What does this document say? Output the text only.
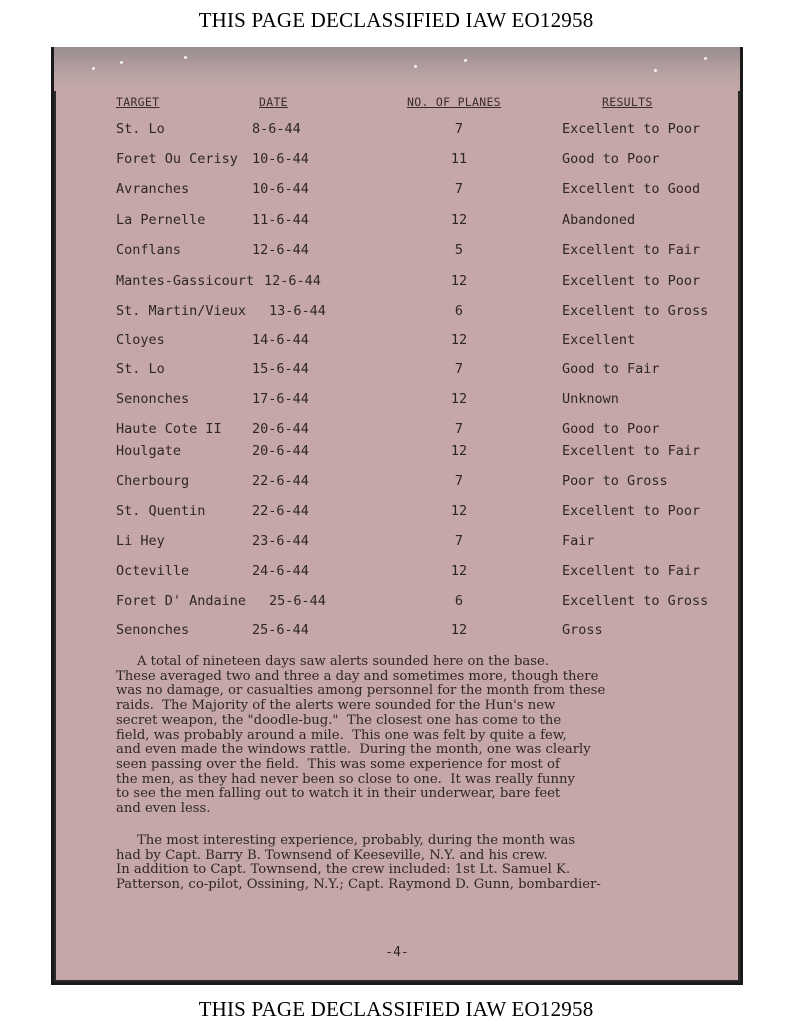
THIS PAGE DECLASSIFIED IAW EO12958
TARGET	DATE	NO. OF PLANES	RESULTS
St. Lo	8-6-44	7	Excellent to Poor
Foret Ou Cerisy 10-6-44	11	Good to Poor
Avranches	10-6-44	7	Excellent to Good
La Pernelle	11-6-44	12	Abandoned
Conflans	12-6-44	5	Excellent to Fair
Mantes-Gassicourt 12-6-44	12	Excellent to Poor
St. Martin/Vieux 13-6-44	6	Excellent to Gross
Cloyes	14-6-44	12	Excellent
St. Lo	15-6-44	7	Good to Fair
Senonches	17-6-44	12	Unknown
Haute Cote II 20-6-44	7	Good to Poor
Houlgate	20-6-44	12	Excellent to Fair
Cherbourg	22-6-44	7	Poor to Gross
St. Quentin	22-6-44	12	Excellent to Poor
Li Hey	23-6-44	7	Fair
Octeville	24-6-44	12	Excellent to Fair
Foret D' Andaine 25-6-44	6	Excellent to Gross
Senonches	25-6-44	12	Gross
A total of nineteen days saw alerts sounded here on the base.
These averaged two and three a day and sometimes more, though there
was no damage, or casualties among personnel for the month from these
raids.  The Majority of the alerts were sounded for the Hun's new
secret weapon, the "doodle-bug."  The closest one has come to the
field, was probably around a mile.  This one was felt by quite a few,
and even made the windows rattle.  During the month, one was clearly
seen passing over the field.  This was some experience for most of
the men, as they had never been so close to one.  It was really funny
to see the men falling out to watch it in their underwear, bare feet
and even less.
The most interesting experience, probably, during the month was
had by Capt. Barry B. Townsend of Keeseville, N.Y. and his crew.
In addition to Capt. Townsend, the crew included: 1st Lt. Samuel K.
Patterson, co-pilot, Ossining, N.Y.; Capt. Raymond D. Gunn, bombardier-
-4-
THIS PAGE DECLASSIFIED IAW EO12958
